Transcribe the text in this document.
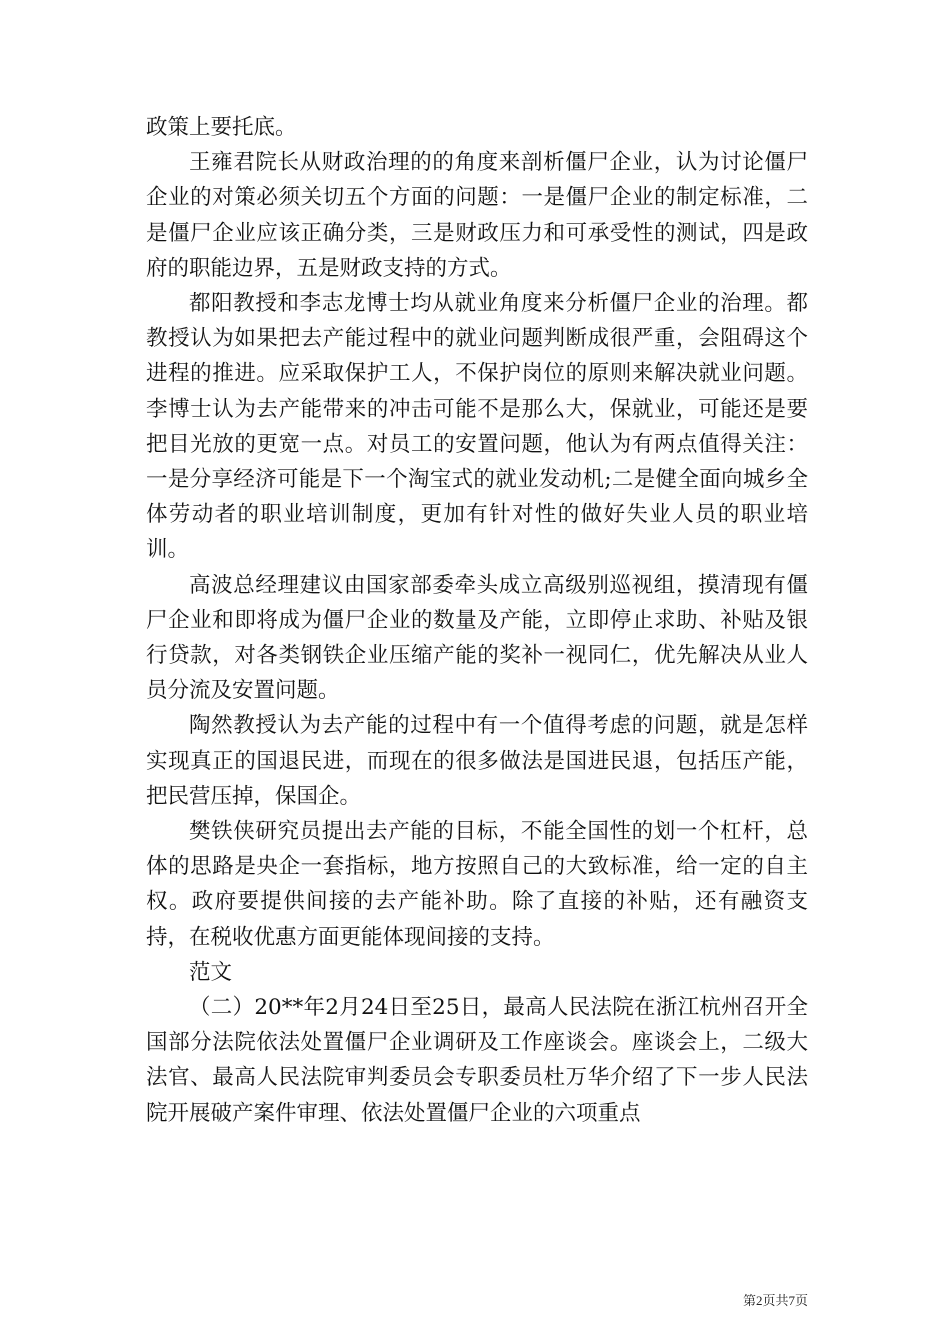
政策上要托底。

王雍君院长从财政治理的的角度来剖析僵尸企业，认为讨论僵尸企业的对策必须关切五个方面的问题：一是僵尸企业的制定标准，二是僵尸企业应该正确分类，三是财政压力和可承受性的测试，四是政府的职能边界，五是财政支持的方式。

都阳教授和李志龙博士均从就业角度来分析僵尸企业的治理。都教授认为如果把去产能过程中的就业问题判断成很严重，会阻碍这个进程的推进。应采取保护工人，不保护岗位的原则来解决就业问题。李博士认为去产能带来的冲击可能不是那么大，保就业，可能还是要把目光放的更宽一点。对员工的安置问题，他认为有两点值得关注：一是分享经济可能是下一个淘宝式的就业发动机;二是健全面向城乡全体劳动者的职业培训制度，更加有针对性的做好失业人员的职业培训。

高波总经理建议由国家部委牵头成立高级别巡视组，摸清现有僵尸企业和即将成为僵尸企业的数量及产能，立即停止求助、补贴及银行贷款，对各类钢铁企业压缩产能的奖补一视同仁，优先解决从业人员分流及安置问题。

陶然教授认为去产能的过程中有一个值得考虑的问题，就是怎样实现真正的国退民进，而现在的很多做法是国进民退，包括压产能，把民营压掉，保国企。

樊铁侠研究员提出去产能的目标，不能全国性的划一个杠杆，总体的思路是央企一套指标，地方按照自己的大致标准，给一定的自主权。政府要提供间接的去产能补助。除了直接的补贴，还有融资支持，在税收优惠方面更能体现间接的支持。

范文

（二）20**年2月24日至25日，最高人民法院在浙江杭州召开全国部分法院依法处置僵尸企业调研及工作座谈会。座谈会上，二级大法官、最高人民法院审判委员会专职委员杜万华介绍了下一步人民法院开展破产案件审理、依法处置僵尸企业的六项重点

第2页共7页
